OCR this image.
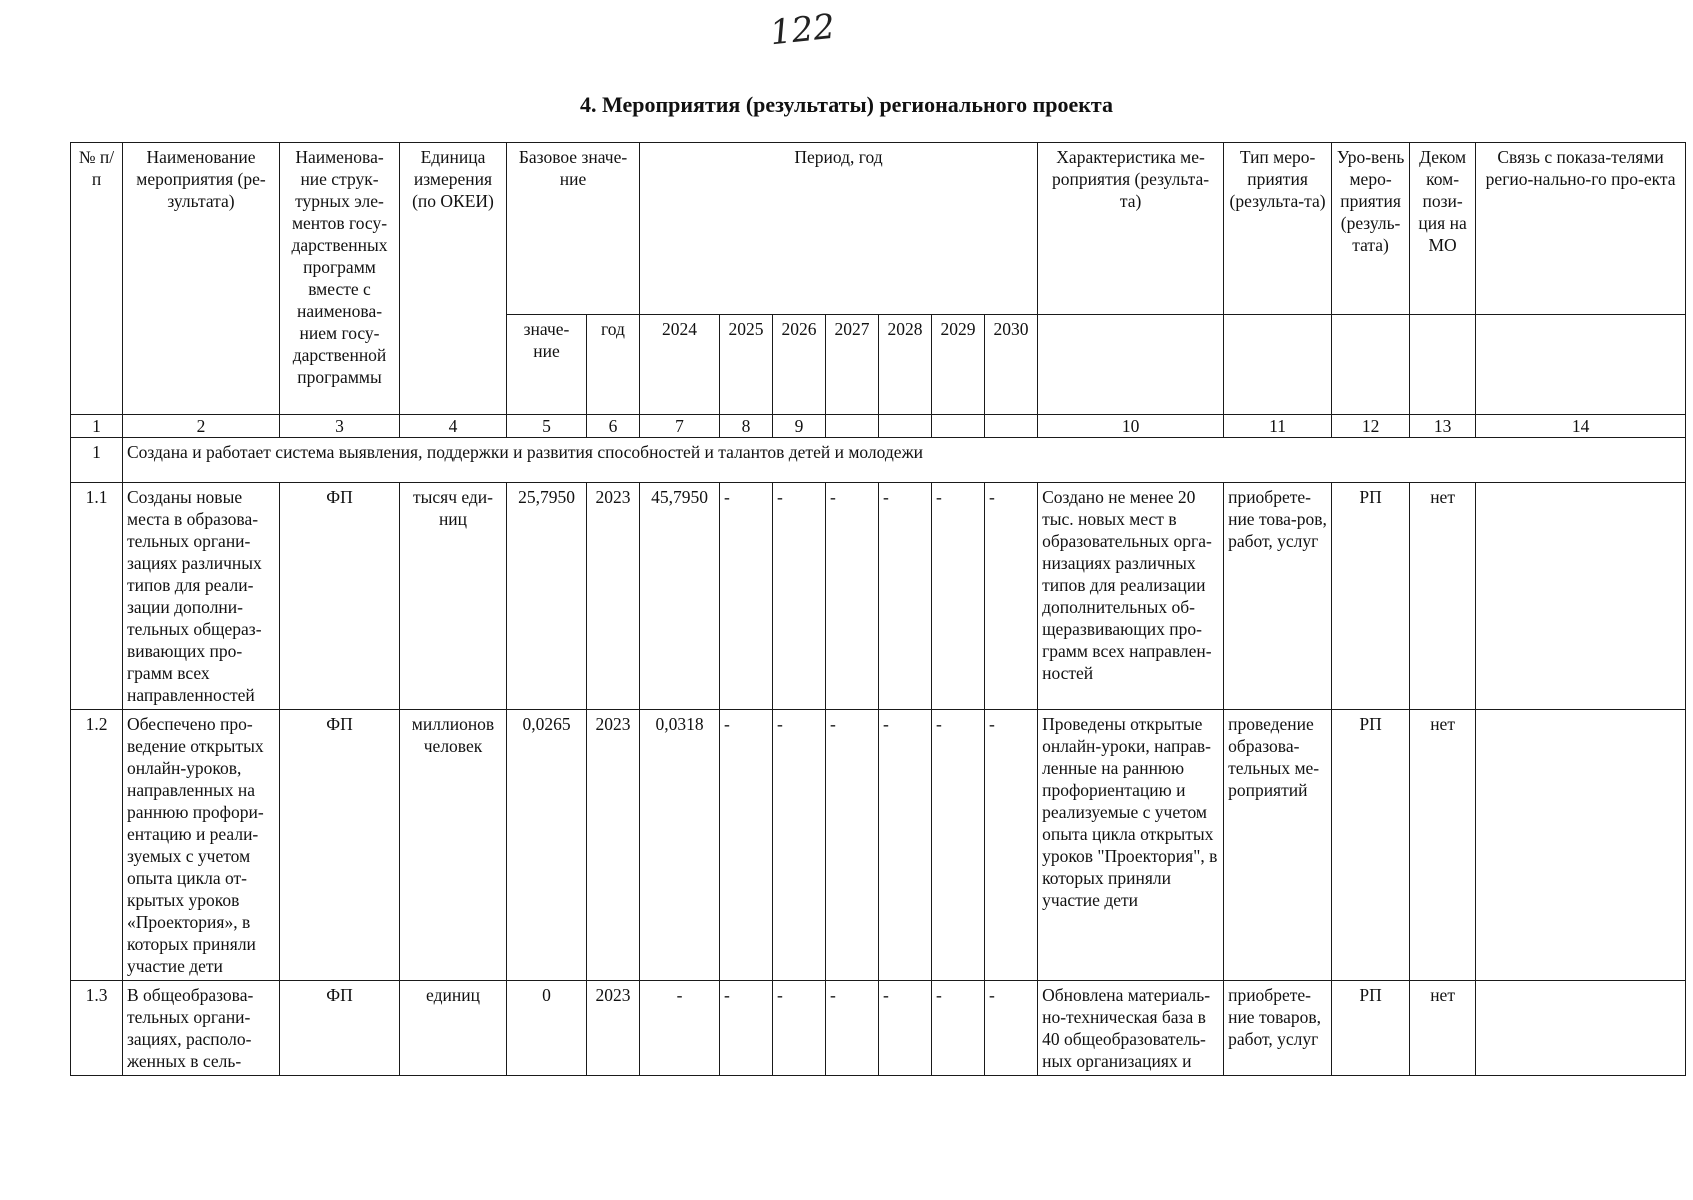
122
4. Мероприятия (результаты) регионального проекта
№ п/п	Наименование мероприятия (ре-зультата)	Наименова-ние струк-турных эле-ментов госу-дарственных программ вместе с наименова-нием госу-дарственной программы	Единица измерения (по ОКЕИ)	Базовое значе-ние		Период, год							Характеристика ме-роприятия (результа-та)	Тип меро-приятия (результа-та)	Уро-вень меро-приятия (резуль-тата)	Деком ком-пози-ция на МО	Связь с показа-телями регио-нально-го про-екта
				значе-ние	год	2024	2025	2026	2027	2028	2029	2030					
1	2	3	4	5	6	7	8	9					10	11	12	13	14
1	Создана и работает система выявления, поддержки и развития способностей и талантов детей и молодежи																
1.1	Созданы новые места в образова-тельных органи-зациях различных типов для реали-зации дополни-тельных общераз-вивающих про-грамм всех направленностей	ФП	тысяч еди-ниц	25,7950	2023	45,7950	-	-	-	-	-	-	Создано не менее 20 тыс. новых мест в образовательных орга-низациях различных типов для реализации дополнительных об-щеразвивающих про-грамм всех направлен-ностей	приобрете-ние това-ров, работ, услуг	РП	нет	
1.2	Обеспечено про-ведение открытых онлайн-уроков, направленных на раннюю профори-ентацию и реали-зуемых с учетом опыта цикла от-крытых уроков «Проектория», в которых приняли участие дети	ФП	миллионов человек	0,0265	2023	0,0318	-	-	-	-	-	-	Проведены открытые онлайн-уроки, направ-ленные на раннюю профориентацию и реализуемые с учетом опыта цикла открытых уроков "Проектория", в которых приняли участие дети	проведение образова-тельных ме-роприятий	РП	нет	
1.3	В общеобразова-тельных органи-зациях, располо-женных в сель-	ФП	единиц	0	2023	-	-	-	-	-	-	-	Обновлена материаль-но-техническая база в 40 общеобразователь-ных организациях и	приобрете-ние товаров, работ, услуг	РП	нет	
